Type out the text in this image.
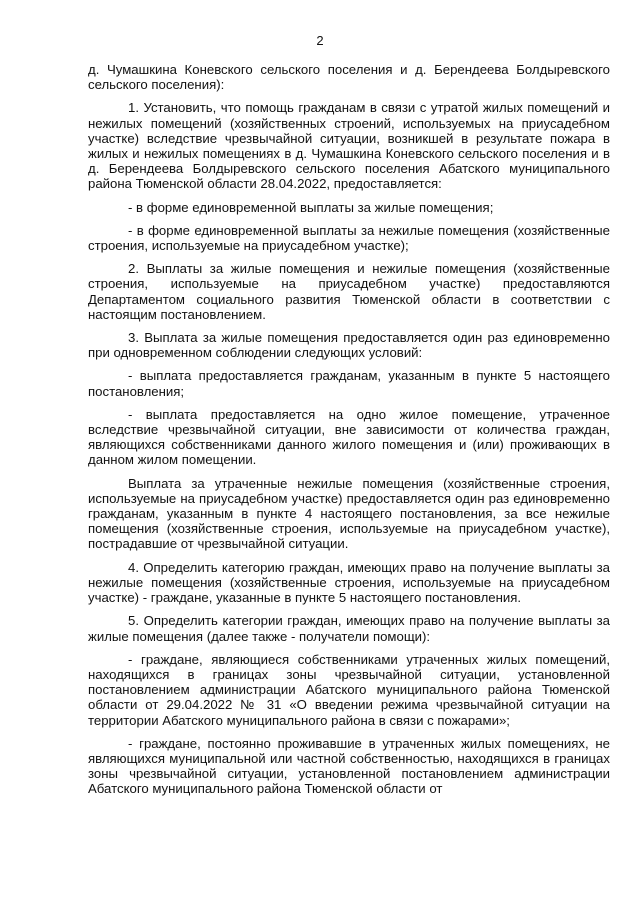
2

д. Чумашкина Коневского сельского поселения и д. Берендеева Болдыревского сельского поселения):

1. Установить, что помощь гражданам в связи с утратой жилых помещений и нежилых помещений (хозяйственных строений, используемых на приусадебном участке) вследствие чрезвычайной ситуации, возникшей в результате пожара в жилых и нежилых помещениях в д. Чумашкина Коневского сельского поселения и в д. Берендеева Болдыревского сельского поселения Абатского муниципального района Тюменской области 28.04.2022, предоставляется:

- в форме единовременной выплаты за жилые помещения;

- в форме единовременной выплаты за нежилые помещения (хозяйственные строения, используемые на приусадебном участке);

2. Выплаты за жилые помещения и нежилые помещения (хозяйственные строения, используемые на приусадебном участке) предоставляются Департаментом социального развития Тюменской области в соответствии с настоящим постановлением.

3. Выплата за жилые помещения предоставляется один раз единовременно при одновременном соблюдении следующих условий:

- выплата предоставляется гражданам, указанным в пункте 5 настоящего постановления;

- выплата предоставляется на одно жилое помещение, утраченное вследствие чрезвычайной ситуации, вне зависимости от количества граждан, являющихся собственниками данного жилого помещения и (или) проживающих в данном жилом помещении.

Выплата за утраченные нежилые помещения (хозяйственные строения, используемые на приусадебном участке) предоставляется один раз единовременно гражданам, указанным в пункте 4 настоящего постановления, за все нежилые помещения (хозяйственные строения, используемые на приусадебном участке), пострадавшие от чрезвычайной ситуации.

4. Определить категорию граждан, имеющих право на получение выплаты за нежилые помещения (хозяйственные строения, используемые на приусадебном участке) - граждане, указанные в пункте 5 настоящего постановления.

5. Определить категории граждан, имеющих право на получение выплаты за жилые помещения (далее также - получатели помощи):

- граждане, являющиеся собственниками утраченных жилых помещений, находящихся в границах зоны чрезвычайной ситуации, установленной постановлением администрации Абатского муниципального района Тюменской области от 29.04.2022 № 31 «О введении режима чрезвычайной ситуации на территории Абатского муниципального района в связи с пожарами»;

- граждане, постоянно проживавшие в утраченных жилых помещениях, не являющихся муниципальной или частной собственностью, находящихся в границах зоны чрезвычайной ситуации, установленной постановлением администрации Абатского муниципального района Тюменской области от
